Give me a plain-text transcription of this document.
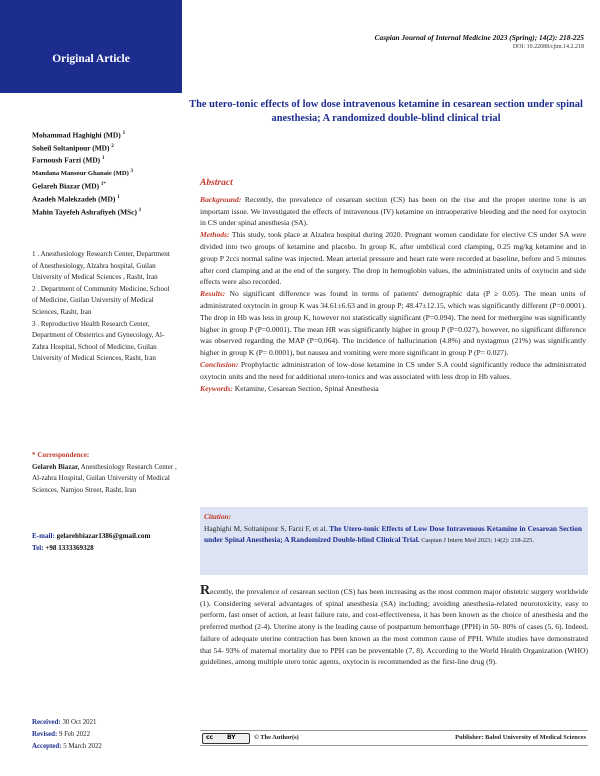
Original Article
Mohammad Haghighi (MD) $^1$
Soheil Soltanipour (MD) $^2$
Farnoush Farzi (MD) $^1$
Mandana Mansour Ghanaie (MD) $^3$
Gelareh Biazar (MD) $^{1*}$
Azadeh Malekzadeh (MD) $^1$
Mahin Tayefeh Ashrafiyeh (MSc) $^1$
1 . Anesthesiology Research Center, Department of Anesthesiology, Alzahra hospital, Guilan University of Medical Sciences , Rasht, Iran
2 . Department of Community Medicine, School of Medicine, Guilan University of Medical Sciences, Rasht, Iran
3 . Reproductive Health Research Center, Department of Obstetrics and Gynecology, Al-Zahra Hospital, School of Medicine, Guilan University of Medical Sciences, Rasht, Iran
* Correspondence:
Gelareh Biazar, Anesthesiology Research Center , Al-zahra Hospital, Guilan University of Medical Sciences, Namjoo Street, Rasht, Iran
E-mail: gelarehbiazar1386@gmail.com
Tel: +98 1333369328
Received: 30 Oct 2021
Revised: 9 Feb 2022
Accepted: 5 March 2022
Caspian Journal of Internal Medicine 2023 (Spring); 14(2): 218-225
DOI: 10.22088/cjim.14.2.218
The utero-tonic effects of low dose intravenous ketamine in cesarean section under spinal anesthesia; A randomized double-blind clinical trial
Abstract

Background: Recently, the prevalence of cesarean section (CS) has been on the rise and the proper uterine tone is an important issue. We investigated the effects of intravenous (IV) ketamine on intraoperative bleeding and the need for oxytocin in CS under spinal anesthesia (SA).

Methods: This study, took place at Alzahra hospital during 2020. Pregnant women candidate for elective CS under SA were divided into two groups of ketamine and placebo. In group K, after umbilical cord clamping, 0.25 mg/kg ketamine and in group P 2ccs normal saline was injected. Mean arterial pressure and heart rate were recorded at baseline, before and 5 minutes after cord clamping and at the end of the surgery. The drop in hemoglobin values, the administrated units of oxytocin and side effects were also recorded.

Results: No significant difference was found in terms of patients' demographic data (P ≥ 0.05). The mean units of administrated oxytocin in group K was 34.61±6.63 and in group P; 48.47±12.15, which was significantly different (P=0.0001). The drop in Hb was less in group K, however not statistically significant (P=0.094). The need for methergine was significantly higher in group P (P=0.0001). The mean HR was significantly higher in group P (P=0.027), however, no significant difference was observed regarding the MAP (P=0.064). The incidence of hallucination (4.8%) and nystagmus (21%) was significantly higher in group K (P= 0.0001), but nausea and vomiting were more significant in group P (P= 0.027).

Conclusion: Prophylactic administration of low-dose ketamine in CS under S.A could significantly reduce the administrated oxytocin units and the need for additional utero-tonics and was associated with less drop in Hb values.

Keywords: Ketamine, Cesarean Section, Spinal Anesthesia

Citation:
Haghighi M, Soltanipour S, Farzi F, et al. The Utero-tonic Effects of Low Dose Intravenous Ketamine in Cesarean Section under Spinal Anesthesia; A Randomized Double-blind Clinical Trial. Caspian J Intern Med 2023; 14(2): 218-225.
Recently, the prevalence of cesarean section (CS) has been increasing as the most common major obstetric surgery worldwide (1). Considering several advantages of spinal anesthesia (SA) including; avoiding anesthesia-related neurotoxicity, easy to perform, fast onset of action, at least failure rate, and cost-effectiveness, it has been known as the choice of anesthesia and the preferred method (2-4). Uterine atony is the leading cause of postpartum hemorrhage (PPH) in 50- 80% of cases (5, 6). Indeed, failure of adequate uterine contraction has been known as the most common cause of PPH. While studies have demonstrated that 54- 93% of maternal mortality due to PPH can be preventable (7, 8). According to the World Health Organization (WHO) guidelines, among multiple utero tonic agents, oxytocin is recommended as the first-line drug (9).
cc BY	© The Author(s)	Publisher: Babol University of Medical Sciences
